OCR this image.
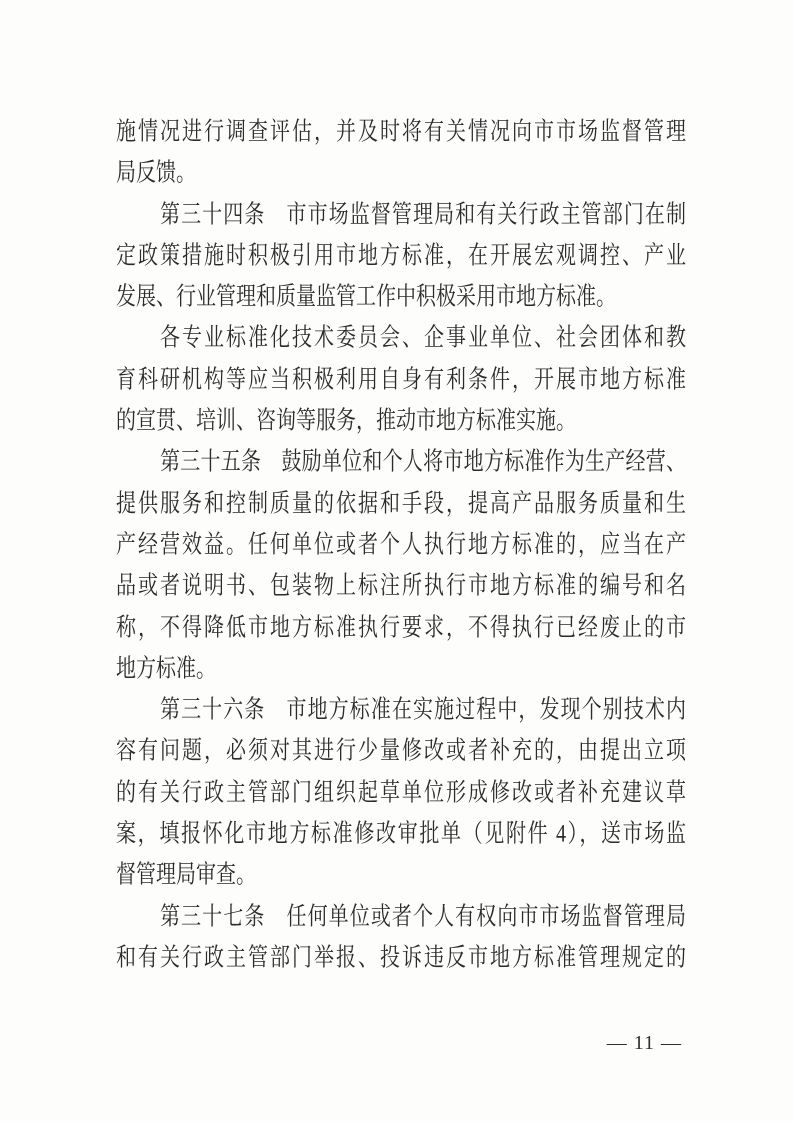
施情况进行调查评估，并及时将有关情况向市市场监督管理
局反馈。
第三十四条　市市场监督管理局和有关行政主管部门在制
定政策措施时积极引用市地方标准，在开展宏观调控、产业
发展、行业管理和质量监管工作中积极采用市地方标准。
各专业标准化技术委员会、企事业单位、社会团体和教
育科研机构等应当积极利用自身有利条件，开展市地方标准
的宣贯、培训、咨询等服务，推动市地方标准实施。
第三十五条　鼓励单位和个人将市地方标准作为生产经营、
提供服务和控制质量的依据和手段，提高产品服务质量和生
产经营效益。任何单位或者个人执行地方标准的，应当在产
品或者说明书、包装物上标注所执行市地方标准的编号和名
称，不得降低市地方标准执行要求，不得执行已经废止的市
地方标准。
第三十六条　市地方标准在实施过程中，发现个别技术内
容有问题，必须对其进行少量修改或者补充的，由提出立项
的有关行政主管部门组织起草单位形成修改或者补充建议草
案，填报怀化市地方标准修改审批单（见附件 4），送市场监
督管理局审查。
第三十七条　任何单位或者个人有权向市市场监督管理局
和有关行政主管部门举报、投诉违反市地方标准管理规定的
— 11 —
